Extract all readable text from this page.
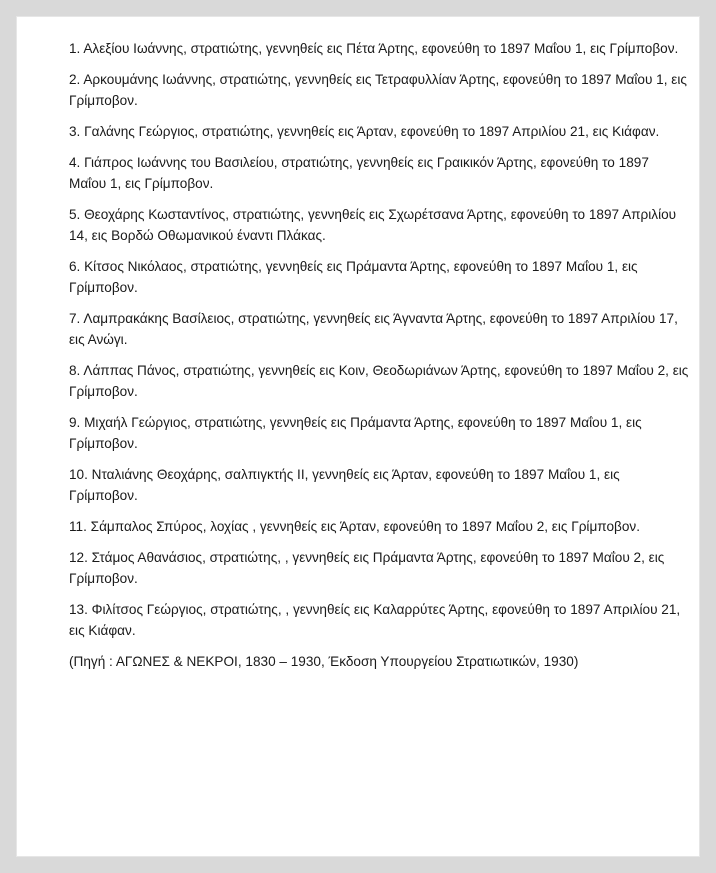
1. Αλεξίου Ιωάννης, στρατιώτης, γεννηθείς εις Πέτα Άρτης, εφονεύθη το 1897 Μαΐου 1, εις Γρίμποβον.

2. Αρκουμάνης Ιωάννης, στρατιώτης, γεννηθείς εις Τετραφυλλίαν Άρτης, εφονεύθη το 1897 Μαΐου 1, εις Γρίμποβον.

3. Γαλάνης Γεώργιος, στρατιώτης, γεννηθείς εις Άρταν, εφονεύθη το 1897 Απριλίου 21, εις Κιάφαν.

4. Γιάπρος Ιωάννης του Βασιλείου, στρατιώτης, γεννηθείς εις Γραικικόν Άρτης, εφονεύθη το 1897 Μαΐου 1, εις Γρίμποβον.

5. Θεοχάρης Κωσταντίνος, στρατιώτης, γεννηθείς εις Σχωρέτσανα Άρτης, εφονεύθη το 1897 Απριλίου 14, εις Βορδώ Οθωμανικού έναντι Πλάκας.

6. Κίτσος Νικόλαος, στρατιώτης, γεννηθείς εις Πράμαντα Άρτης, εφονεύθη το 1897 Μαΐου 1, εις Γρίμποβον.

7. Λαμπρακάκης Βασίλειος, στρατιώτης, γεννηθείς εις Άγναντα Άρτης, εφονεύθη το 1897 Απριλίου 17, εις Ανώγι.

8. Λάππας Πάνος, στρατιώτης, γεννηθείς εις Κοιν, Θεοδωριάνων Άρτης, εφονεύθη το 1897 Μαΐου 2, εις Γρίμποβον.

9. Μιχαήλ Γεώργιος, στρατιώτης, γεννηθείς εις Πράμαντα Άρτης, εφονεύθη το 1897 Μαΐου 1, εις Γρίμποβον.

10. Νταλιάνης Θεοχάρης, σαλπιγκτής ΙΙ, γεννηθείς εις Άρταν, εφονεύθη το 1897 Μαΐου 1, εις Γρίμποβον.

11. Σάμπαλος Σπύρος, λοχίας , γεννηθείς εις Άρταν, εφονεύθη το 1897 Μαΐου 2, εις Γρίμποβον.

12. Στάμος Αθανάσιος, στρατιώτης, , γεννηθείς εις Πράμαντα Άρτης, εφονεύθη το 1897 Μαΐου 2, εις Γρίμποβον.

13. Φιλίτσος Γεώργιος, στρατιώτης, , γεννηθείς εις Καλαρρύτες Άρτης, εφονεύθη το 1897 Απριλίου 21, εις Κιάφαν.

(Πηγή : ΑΓΩΝΕΣ & ΝΕΚΡΟΙ, 1830 – 1930, Έκδοση Υπουργείου Στρατιωτικών, 1930)
